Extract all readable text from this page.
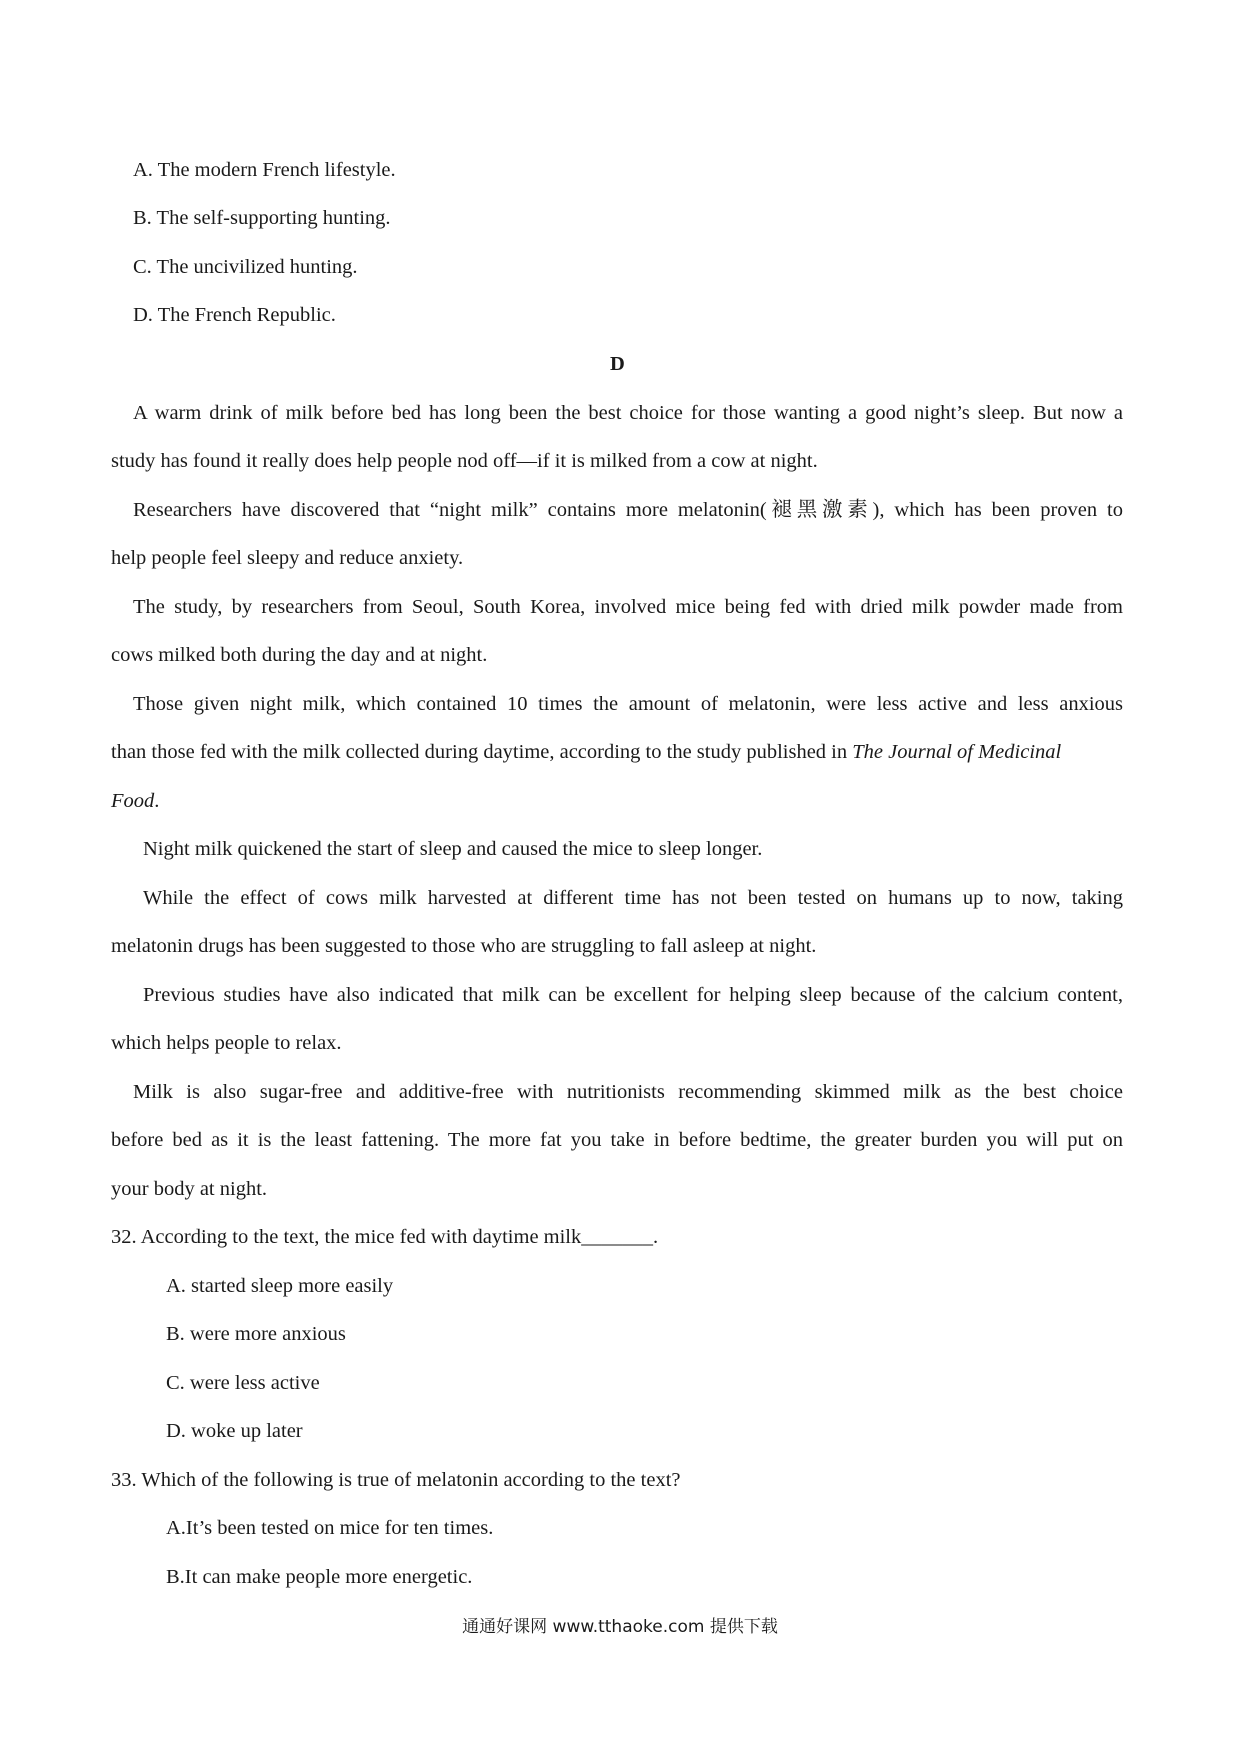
A. The modern French lifestyle.
B. The self-supporting hunting.
C. The uncivilized hunting.
D. The French Republic.
D
A warm drink of milk before bed has long been the best choice for those wanting a good night’s sleep. But now a
study has found it really does help people nod off—if it is milked from a cow at night.
Researchers have discovered that “night milk” contains more melatonin(褪黑激素), which has been proven to
help people feel sleepy and reduce anxiety.
The study, by researchers from Seoul, South Korea, involved mice being fed with dried milk powder made from
cows milked both during the day and at night.
Those given night milk, which contained 10 times the amount of melatonin, were less active and less anxious
than those fed with the milk collected during daytime, according to the study published in The Journal of Medicinal
Food.
Night milk quickened the start of sleep and caused the mice to sleep longer.
While the effect of cows milk harvested at different time has not been tested on humans up to now, taking
melatonin drugs has been suggested to those who are struggling to fall asleep at night.
Previous studies have also indicated that milk can be excellent for helping sleep because of the calcium content,
which helps people to relax.
Milk is also sugar-free and additive-free with nutritionists recommending skimmed milk as the best choice
before bed as it is the least fattening. The more fat you take in before bedtime, the greater burden you will put on
your body at night.
32. According to the text, the mice fed with daytime milk_______.
A. started sleep more easily
B. were more anxious
C. were less active
D. woke up later
33. Which of the following is true of melatonin according to the text?
A.It’s been tested on mice for ten times.
B.It can make people more energetic.
通通好课网 www.tthaoke.com 提供下载
